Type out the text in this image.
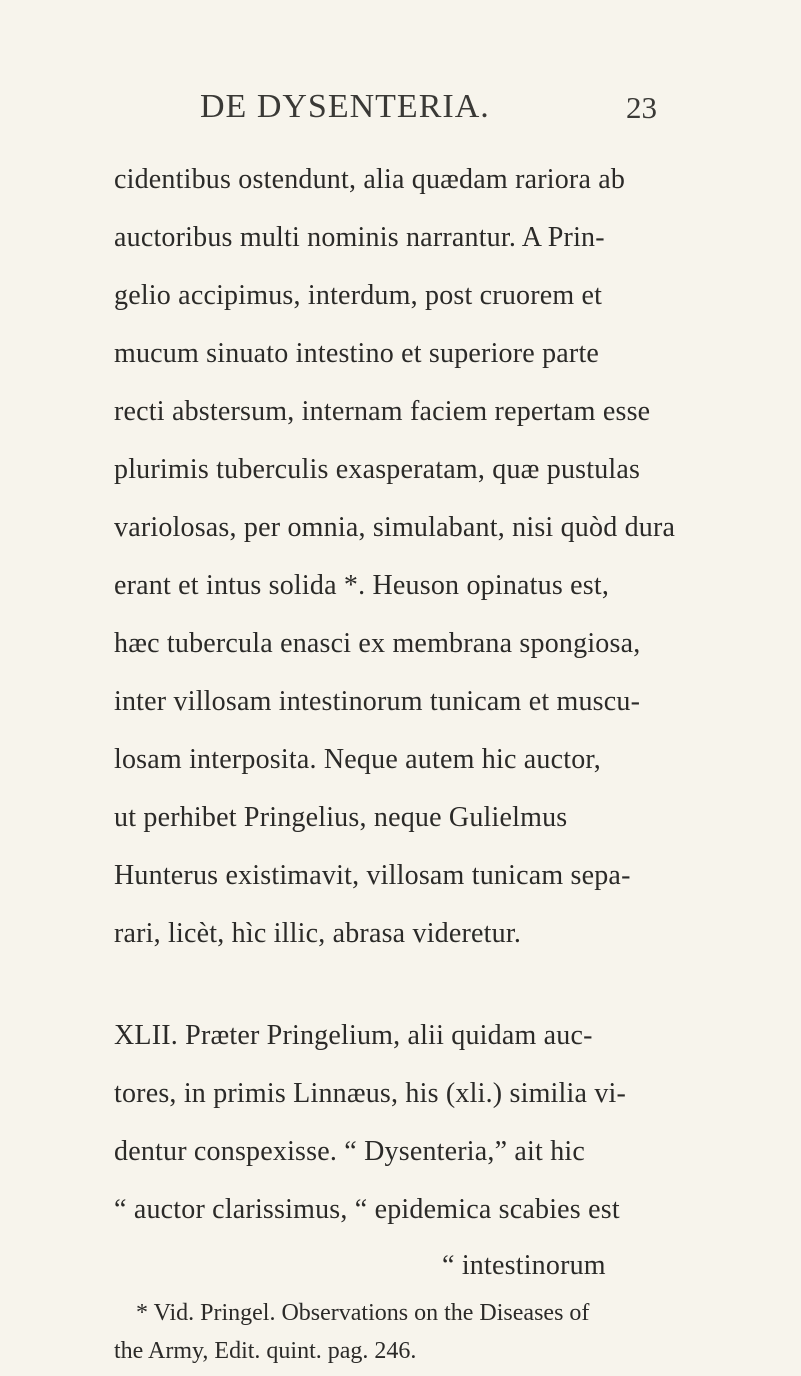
DE DYSENTERIA.	23
cidentibus ostendunt, alia quædam rariora ab
auctoribus multi nominis narrantur. A Prin-
gelio accipimus, interdum, post cruorem et
mucum sinuato intestino et superiore parte
recti abstersum, internam faciem repertam esse
plurimis tuberculis exasperatam, quæ pustulas
variolosas, per omnia, simulabant, nisi quòd dura
erant et intus solida *. Heuson opinatus est,
hæc tubercula enasci ex membrana spongiosa,
inter villosam intestinorum tunicam et muscu-
losam interposita. Neque autem hic auctor,
ut perhibet Pringelius, neque Gulielmus
Hunterus existimavit, villosam tunicam sepa-
rari, licèt, hìc illic, abrasa videretur.
XLII. Præter Pringelium, alii quidam auc-
tores, in primis Linnæus, his (xli.) similia vi-
dentur conspexisse. “ Dysenteria,” ait hic
“ auctor clarissimus, “ epidemica scabies est
“ intestinorum
* Vid. Pringel. Observations on the Diseases of
the Army, Edit. quint. pag. 246.
